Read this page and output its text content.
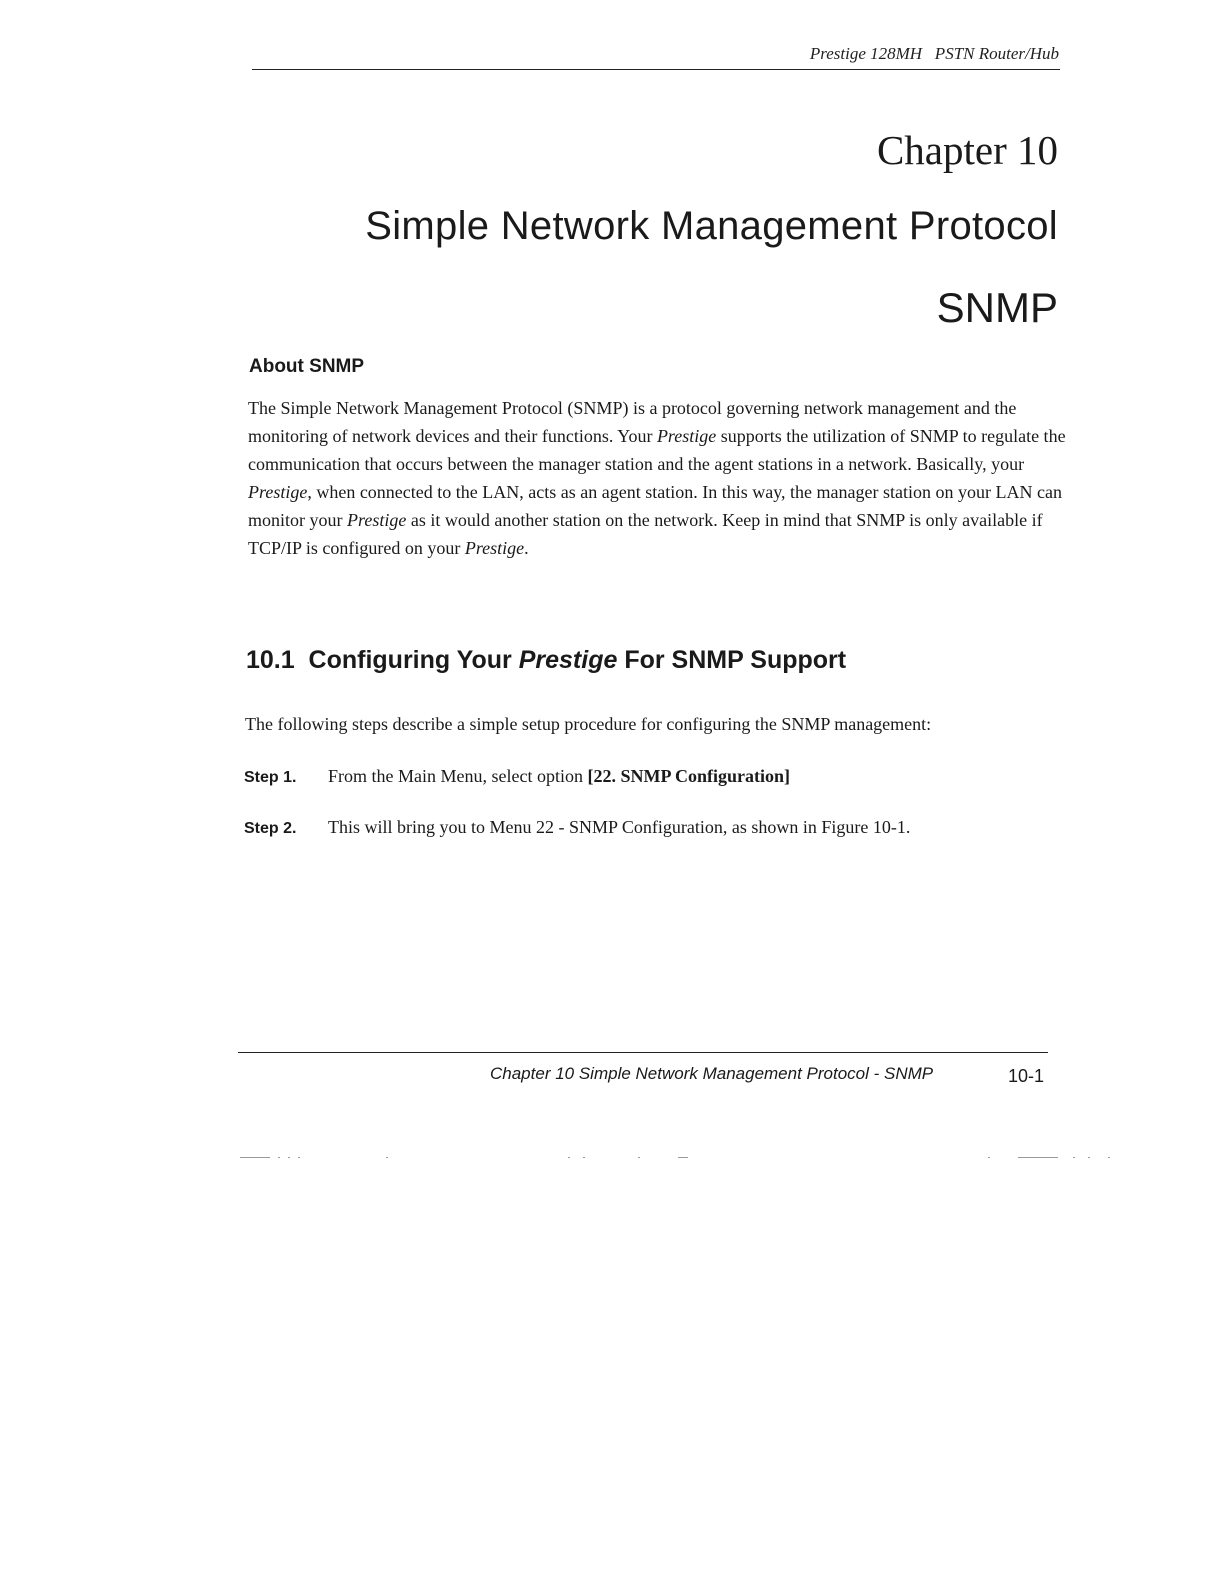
Prestige 128MH   PSTN Router/Hub
Chapter 10
Simple Network Management Protocol
SNMP
About SNMP

The Simple Network Management Protocol (SNMP) is a protocol governing network management and the monitoring of network devices and their functions. Your Prestige supports the utilization of SNMP to regulate the communication that occurs between the manager station and the agent stations in a network. Basically, your Prestige, when connected to the LAN, acts as an agent station. In this way, the manager station on your LAN can monitor your Prestige as it would another station on the network. Keep in mind that SNMP is only available if TCP/IP is configured on your Prestige.

10.1  Configuring Your Prestige For SNMP Support

The following steps describe a simple setup procedure for configuring the SNMP management:

Step 1.	From the Main Menu, select option [22. SNMP Configuration]
Step 2.	This will bring you to Menu 22 - SNMP Configuration, as shown in Figure 10-1.
Chapter 10 Simple Network Management Protocol - SNMP	10-1
